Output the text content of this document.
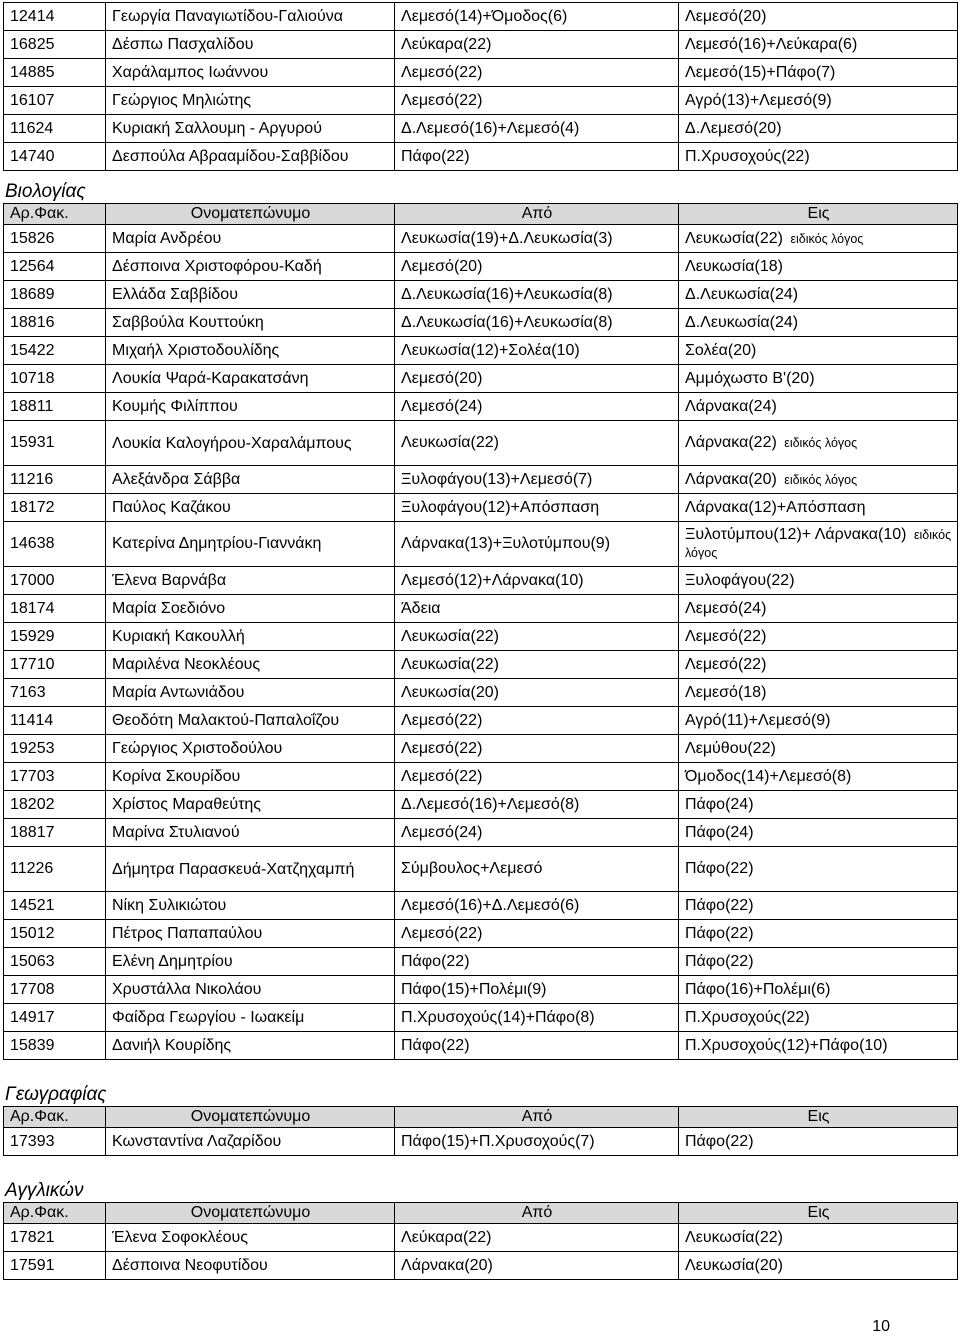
12414	Γεωργία Παναγιωτίδου-Γαλιούνα	Λεμεσό(14)+Όμοδος(6)	Λεμεσό(20)
16825	Δέσπω Πασχαλίδου	Λεύκαρα(22)	Λεμεσό(16)+Λεύκαρα(6)
14885	Χαράλαμπος Ιωάννου	Λεμεσό(22)	Λεμεσό(15)+Πάφο(7)
16107	Γεώργιος Μηλιώτης	Λεμεσό(22)	Αγρό(13)+Λεμεσό(9)
11624	Κυριακή Σαλλουμη - Αργυρού	Δ.Λεμεσό(16)+Λεμεσό(4)	Δ.Λεμεσό(20)
14740	Δεσπούλα Αβρααμίδου-Σαββίδου	Πάφο(22)	Π.Χρυσοχούς(22)
Βιολογίας
Αρ.Φακ.	Ονοματεπώνυμο	Από	Εις
15826	Μαρία Ανδρέου	Λευκωσία(19)+Δ.Λευκωσία(3)	Λευκωσία(22) ειδικός λόγος
12564	Δέσποινα Χριστοφόρου-Καδή	Λεμεσό(20)	Λευκωσία(18)
18689	Ελλάδα Σαββίδου	Δ.Λευκωσία(16)+Λευκωσία(8)	Δ.Λευκωσία(24)
18816	Σαββούλα Κουττούκη	Δ.Λευκωσία(16)+Λευκωσία(8)	Δ.Λευκωσία(24)
15422	Μιχαήλ Χριστοδουλίδης	Λευκωσία(12)+Σολέα(10)	Σολέα(20)
10718	Λουκία Ψαρά-Καρακατσάνη	Λεμεσό(20)	Αμμόχωστο Β'(20)
18811	Κουμής Φιλίππου	Λεμεσό(24)	Λάρνακα(24)
15931	Λουκία Καλογήρου-Χαραλάμπους	Λευκωσία(22)	Λάρνακα(22) ειδικός λόγος
11216	Αλεξάνδρα Σάββα	Ξυλοφάγου(13)+Λεμεσό(7)	Λάρνακα(20) ειδικός λόγος
18172	Παύλος Καζάκου	Ξυλοφάγου(12)+Απόσπαση	Λάρνακα(12)+Απόσπαση
14638	Κατερίνα Δημητρίου-Γιαννάκη	Λάρνακα(13)+Ξυλοτύμπου(9)	Ξυλοτύμπου(12)+ Λάρνακα(10) ειδικός λόγος
17000	Έλενα Βαρνάβα	Λεμεσό(12)+Λάρνακα(10)	Ξυλοφάγου(22)
18174	Μαρία Σοεδιόνο	Άδεια	Λεμεσό(24)
15929	Κυριακή Κακουλλή	Λευκωσία(22)	Λεμεσό(22)
17710	Μαριλένα Νεοκλέους	Λευκωσία(22)	Λεμεσό(22)
7163	Μαρία Αντωνιάδου	Λευκωσία(20)	Λεμεσό(18)
11414	Θεοδότη Μαλακτού-Παπαλοΐζου	Λεμεσό(22)	Αγρό(11)+Λεμεσό(9)
19253	Γεώργιος Χριστοδούλου	Λεμεσό(22)	Λεμύθου(22)
17703	Κορίνα Σκουρίδου	Λεμεσό(22)	Όμοδος(14)+Λεμεσό(8)
18202	Χρίστος Μαραθεύτης	Δ.Λεμεσό(16)+Λεμεσό(8)	Πάφο(24)
18817	Μαρίνα Στυλιανού	Λεμεσό(24)	Πάφο(24)
11226	Δήμητρα Παρασκευά-Χατζηχαμπή	Σύμβουλος+Λεμεσό	Πάφο(22)
14521	Νίκη Συλικιώτου	Λεμεσό(16)+Δ.Λεμεσό(6)	Πάφο(22)
15012	Πέτρος Παπαπαύλου	Λεμεσό(22)	Πάφο(22)
15063	Ελένη Δημητρίου	Πάφο(22)	Πάφο(22)
17708	Χρυστάλλα Νικολάου	Πάφο(15)+Πολέμι(9)	Πάφο(16)+Πολέμι(6)
14917	Φαίδρα Γεωργίου - Ιωακείμ	Π.Χρυσοχούς(14)+Πάφο(8)	Π.Χρυσοχούς(22)
15839	Δανιήλ Κουρίδης	Πάφο(22)	Π.Χρυσοχούς(12)+Πάφο(10)
Γεωγραφίας
Αρ.Φακ.	Ονοματεπώνυμο	Από	Εις
17393	Κωνσταντίνα Λαζαρίδου	Πάφο(15)+Π.Χρυσοχούς(7)	Πάφο(22)
Αγγλικών
Αρ.Φακ.	Ονοματεπώνυμο	Από	Εις
17821	Έλενα Σοφοκλέους	Λεύκαρα(22)	Λευκωσία(22)
17591	Δέσποινα Νεοφυτίδου	Λάρνακα(20)	Λευκωσία(20)
10
